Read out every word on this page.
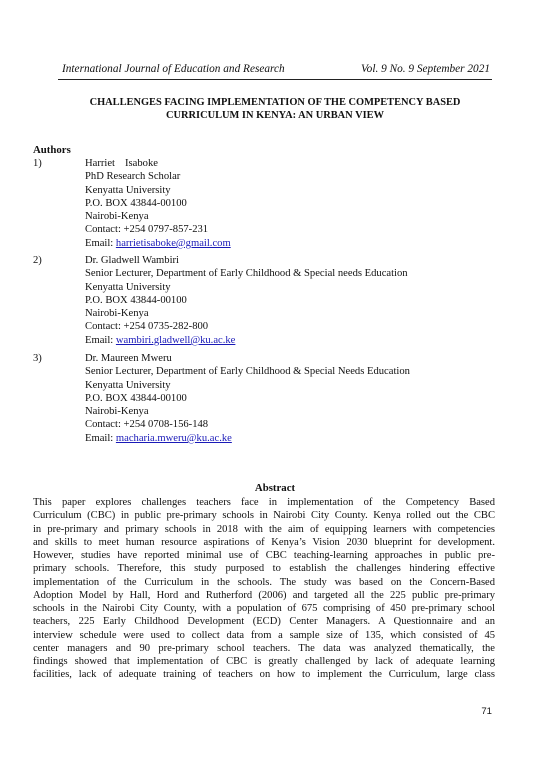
International Journal of Education and Research	Vol. 9 No. 9 September 2021
CHALLENGES FACING IMPLEMENTATION OF THE COMPETENCY BASED
CURRICULUM IN KENYA: AN URBAN VIEW
Authors
1)	Harriet Isaboke
PhD Research Scholar
Kenyatta University
P.O. BOX 43844-00100
Nairobi-Kenya
Contact: +254 0797-857-231
Email: harrietisaboke@gmail.com
2)	Dr. Gladwell Wambiri
Senior Lecturer, Department of Early Childhood & Special needs Education
Kenyatta University
P.O. BOX 43844-00100
Nairobi-Kenya
Contact: +254 0735-282-800
Email: wambiri.gladwell@ku.ac.ke
3)	Dr. Maureen Mweru
Senior Lecturer, Department of Early Childhood & Special Needs Education
Kenyatta University
P.O. BOX 43844-00100
Nairobi-Kenya
Contact: +254 0708-156-148
Email: macharia.mweru@ku.ac.ke
Abstract
This paper explores challenges teachers face in implementation of the Competency Based
Curriculum (CBC) in public pre-primary schools in Nairobi City County. Kenya rolled out the CBC
in pre-primary and primary schools in 2018 with the aim of equipping learners with competencies
and skills to meet human resource aspirations of Kenya’s Vision 2030 blueprint for development.
However, studies have reported minimal use of CBC teaching-learning approaches in public pre-
primary schools. Therefore, this study purposed to establish the challenges hindering effective
implementation of the Curriculum in the schools. The study was based on the Concern-Based
Adoption Model by Hall, Hord and Rutherford (2006) and targeted all the 225 public pre-primary
schools in the Nairobi City County, with a population of 675 comprising of 450 pre-primary school
teachers, 225 Early Childhood Development (ECD) Center Managers. A Questionnaire and an
interview schedule were used to collect data from a sample size of 135, which consisted of 45
center managers and 90 pre-primary school teachers. The data was analyzed thematically, the
findings showed that implementation of CBC is greatly challenged by lack of adequate learning
facilities, lack of adequate training of teachers on how to implement the Curriculum, large class
71
